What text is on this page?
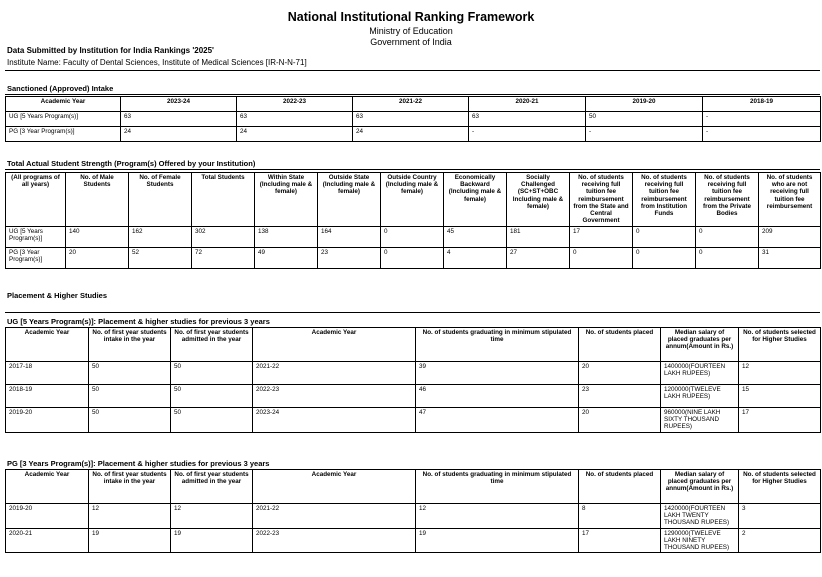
National Institutional Ranking Framework
Ministry of Education
Government of India
Data Submitted by Institution for India Rankings '2025'
Institute Name: Faculty of Dental Sciences, Institute of Medical Sciences [IR-N-N-71]
Sanctioned (Approved) Intake
Academic Year	2023-24	2022-23	2021-22	2020-21	2019-20	2018-19
UG [5 Years Program(s)]	63	63	63	63	50	-
PG [3 Year Program(s)]	24	24	24	-	-	-
Total Actual Student Strength (Program(s) Offered by your Institution)
(All programs of all years)	No. of Male Students	No. of Female Students	Total Students	Within State (Including male & female)	Outside State (Including male & female)	Outside Country (Including male & female)	Economically Backward (Including male & female)	Socially Challenged (SC+ST+OBC Including male & female)	No. of students receiving full tuition fee reimbursement from the State and Central Government	No. of students receiving full tuition fee reimbursement from Institution Funds	No. of students receiving full tuition fee reimbursement from the Private Bodies	No. of students who are not receiving full tuition fee reimbursement
UG [5 Years Program(s)]	140	162	302	138	164	0	45	181	17	0	0	209
PG [3 Year Program(s)]	20	52	72	49	23	0	4	27	0	0	0	31
Placement & Higher Studies
UG [5 Years Program(s)]: Placement & higher studies for previous 3 years
Academic Year	No. of first year students intake in the year	No. of first year students admitted in the year	Academic Year	No. of students graduating in minimum stipulated time	No. of students placed	Median salary of placed graduates per annum(Amount in Rs.)	No. of students selected for Higher Studies
2017-18	50	50	2021-22	39	20	1400000(FOURTEEN LAKH RUPEES)	12
2018-19	50	50	2022-23	46	23	1200000(TWELEVE LAKH RUPEES)	15
2019-20	50	50	2023-24	47	20	960000(NINE LAKH SIXTY THOUSAND RUPEES)	17
PG [3 Years Program(s)]: Placement & higher studies for previous 3 years
Academic Year	No. of first year students intake in the year	No. of first year students admitted in the year	Academic Year	No. of students graduating in minimum stipulated time	No. of students placed	Median salary of placed graduates per annum(Amount in Rs.)	No. of students selected for Higher Studies
2019-20	12	12	2021-22	12	8	1420000(FOURTEEN LAKH TWENTY THOUSAND RUPEES)	3
2020-21	19	19	2022-23	19	17	1290000(TWELEVE LAKH NINETY THOUSAND RUPEES)	2
